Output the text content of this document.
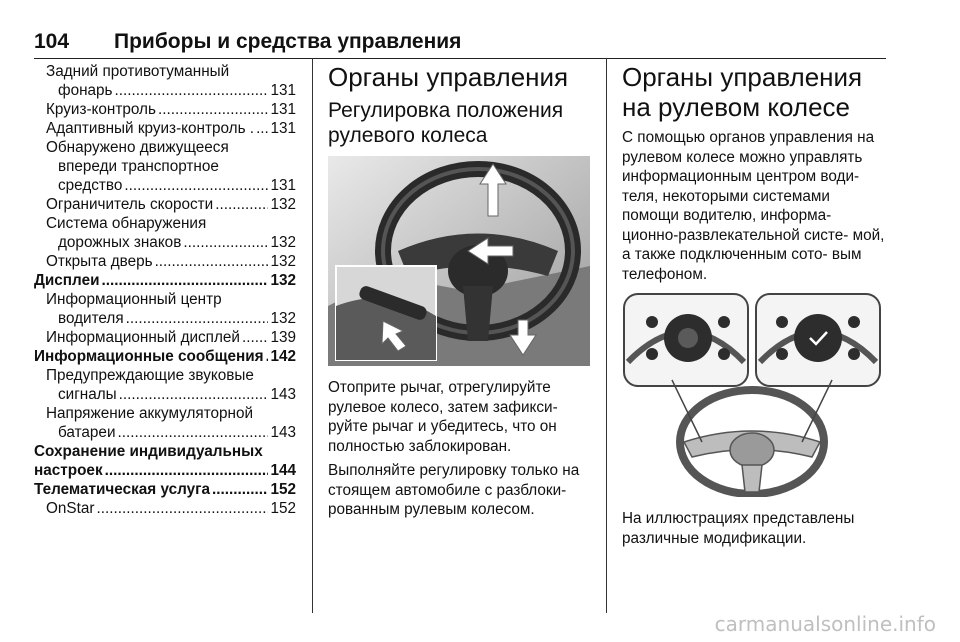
104	Приборы и средства управления
Задний противотуманный
фонарь .....	131
Круиз-контроль .....	131
Адаптивный круиз-контроль . ..... 131
Обнаружено движущееся
впереди транспортное
средство .....	131
Ограничитель скорости .....	132
Система обнаружения
дорожных знаков .....	132
Открыта дверь .....	132
Дисплеи .....	132
Информационный центр
водителя .....	132
Информационный дисплей ..... 139
Информационные сообщения ..... 142
Предупреждающие звуковые
сигналы .....	143
Напряжение аккумуляторной
батареи .....	143
Сохранение индивидуальных
настроек .....	144
Телематическая услуга .....	152
OnStar .....	152
Органы управления
Регулировка положения рулевого колеса

Отоприте рычаг, отрегулируйте рулевое колесо, затем зафикси- руйте рычаг и убедитесь, что он полностью заблокирован.

Выполняйте регулировку только на стоящем автомобиле с разблоки- рованным рулевым колесом.

Органы управления на рулевом колесе

С помощью органов управления на рулевом колесе можно управлять информационным центром води- теля, некоторыми системами помощи водителю, информа- ционно-развлекательной систе- мой, а также подключенным сото- вым телефоном.

На иллюстрациях представлены различные модификации.

carmanualsonline.info
